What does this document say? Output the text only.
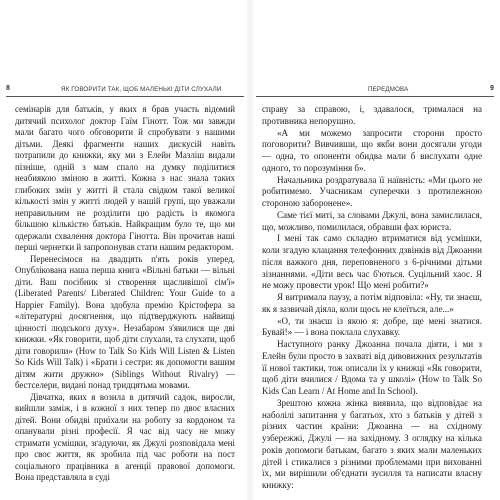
8	ЯК ГОВОРИТИ ТАК, ЩОБ МАЛЕНЬКІ ДІТИ СЛУХАЛИ	ПЕРЕДМОВА	9

семінарів для батьків, у яких я брав участь відомий дитячий психолог доктор Гаїм Гінотт. Тож ми завжди мали багато чого обговорити й спробувати з нашими дітьми. Деякі фрагменти наших дискусій навіть потрапили до книжки, яку ми з Елейн Мазліш видали пізніше, одній з мам спало на думку поділитися неабиякою зміною в житті. Кожна з нас знала таких глибоких змін у житті й стала свідком такої великої кількості змін у житті людей у нашій групі, що уважали неправильним не розділити цю радість із якомога більшою кількістю батьків. Найкращим було те, що ми одержали схвалення доктора Гінотта. Він прочитав наші перші чернетки й запропонував стати нашим редактором.

Перенесімося на двадцять п'ять років уперед. Опублікована наша перша книга «Вільні батьки — вільні діти. Ваш посібник зі створення щасливішої сім'ї» (Liberated Parents/ Liberated Children: Your Guide to a Happier Family). Вона здобула премію Крістофера за «літературні досягнення, що підтверджують найвищі цінності людського духу». Незабаром з'явилися ще дві книжки. «Як говорити, щоб діти слухали, та слухати, щоб діти говорили» (How to Talk So Kids Will Listen & Listen So Kids Will Talk) і «Брати і сестри: як допомогти вашим дітям жити дружно» (Siblings Without Rivalry) — бестселери, видані понад тридцятьма мовами.

Дівчатка, яких я возила в дитячий садок, виросли, вийшли заміж, і в кожної з них тепер по двоє власних дітей. Вони обидві приїхали на роботу за кордоном та опанували різні професії. Я час від часу не можу стримати усмішки, згадуючи, як Джулі розповідала мені про своє життя, як зробила під час роботи на пост соціального працівника в агенції правової допомоги. Вона представляла в суді

справу за справою, і, здавалося, трималася на противника непорушно.

«А ми можемо запросити сторони просто поговорити? Вивчивши, що якби вони досягали угоди — одна, то опоненти обидва мали б вислухати одне одного, то порозуміння б».

Начальника роздратувала її наївність: «Ми цього не робитимемо. Учасникам суперечки з протилежною стороною заборонене».

Саме тієї миті, за словами Джулі, вона замислилася, що, можливо, помилилася, обравши фах юриста.

І мені так само складно втриматися від усмішки, коли згадую клацання телефонних дзвінків від Джоанни після важкого дня, переповненого з 6-річними дітьми зізнаннями. «Діти весь час б'ються. Суцільний хаос. Я не можу провести урок! Що мені робити?»

Я витримала паузу, а потім відповіла: «Ну, ти знаєш, як я зазвичай діяла, коли щось не клеїться, але...»

«О, ти знаєш із якою я: добре, ще мені знатися. Бувай!» — і вона поклала слухавку.

Наступного ранку Джоанна почала діяти, і ми з Елейн були просто в захваті від дивовижних результатів її нової тактики, тож описали їх у книжці «Як говорити, щоб діти вчилися / Вдома та у школі» (How to Talk So Kids Can Learn / At Home and In School).

Зрештою кожна жінка виявила, що відповідає на наболілі запитання у багатьох, хто з батьків у дітей з різних частин країни: Джоанна — на східному узбережжі, Джулі — на західному. З оглядку на кілька років допомоги батькам, багато з яких мали маленьких дітей і стикалися з різними проблемами при вихованні їх, ми вирішили об'єднати зусилля та написати власну книжку:
